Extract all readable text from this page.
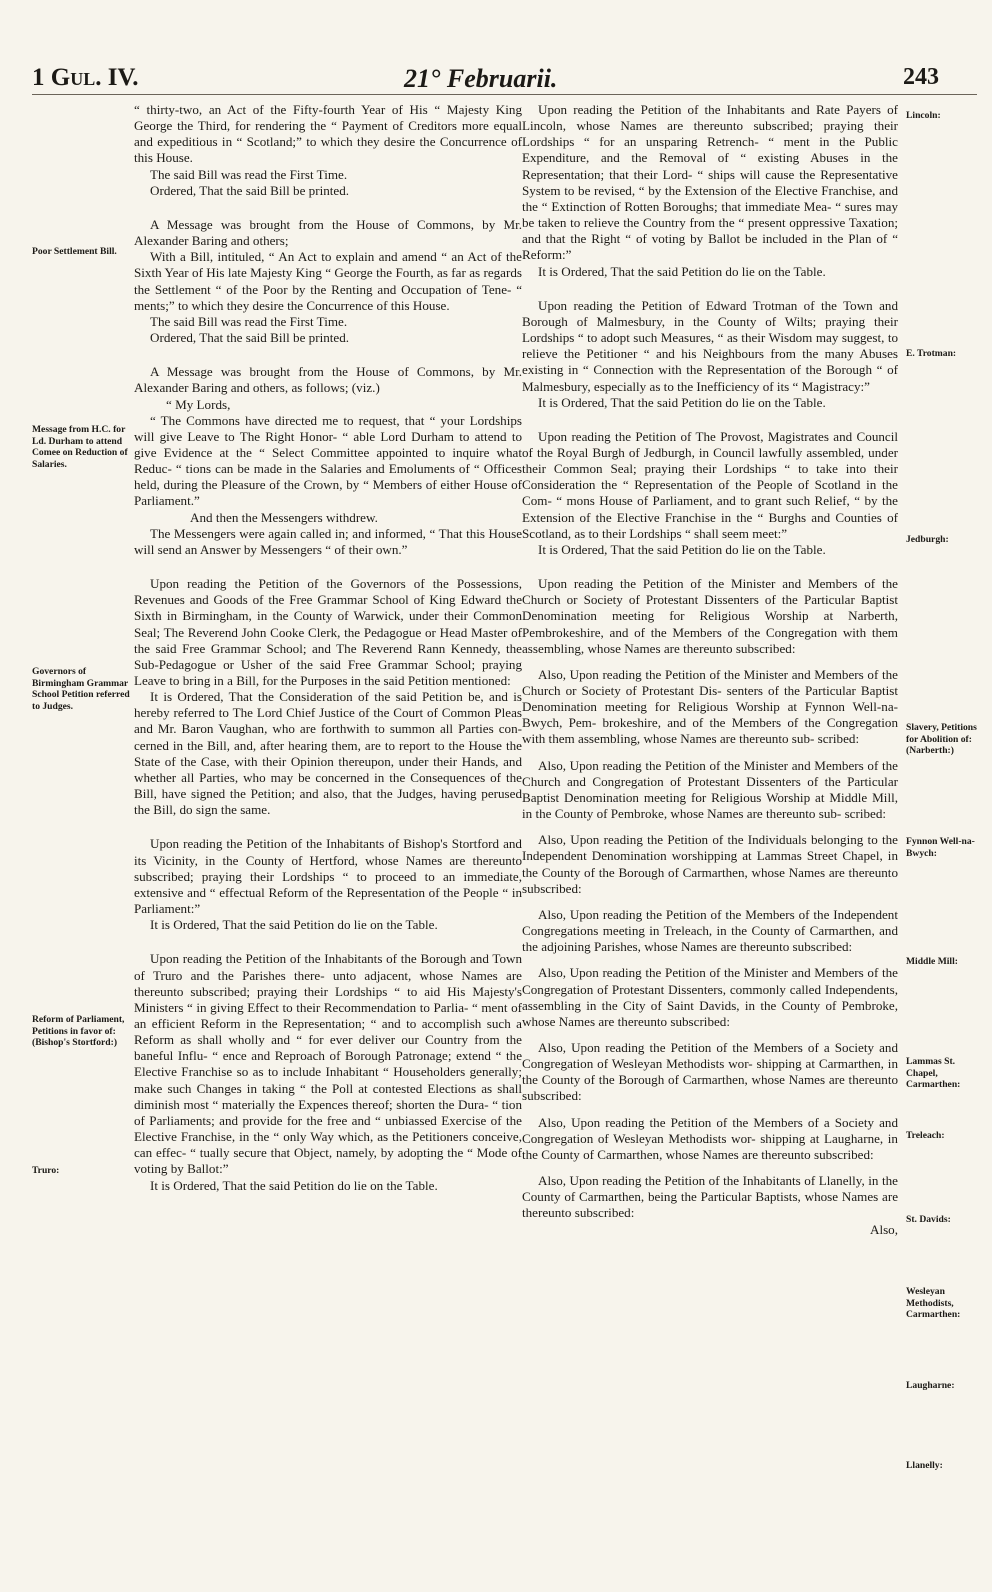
1 Gul. IV.	21° Februarii.	243
Poor Settlement Bill.
Message from H.C. for Ld. Durham to attend Comee on Reduction of Salaries.
Governors of Birmingham Grammar School Petition referred to Judges.
Reform of Parliament, Petitions in favor of: (Bishop's Stortford:)
Truro:
Lincoln:
E. Trotman:
Jedburgh:
Slavery, Petitions for Abolition of: (Narberth:)
Fynnon Well-na-Bwych:
Middle Mill:
Lammas St. Chapel, Carmarthen:
Treleach:
St. Davids:
Wesleyan Methodists, Carmarthen:
Laugharne:
Llanelly:

“ thirty-two, an Act of the Fifty-fourth Year of His “ Majesty King George the Third, for rendering the “ Payment of Creditors more equal and expeditious in “ Scotland;” to which they desire the Concurrence of this House.

The said Bill was read the First Time.

Ordered, That the said Bill be printed.

A Message was brought from the House of Commons, by Mr. Alexander Baring and others;

With a Bill, intituled, “ An Act to explain and amend “ an Act of the Sixth Year of His late Majesty King “ George the Fourth, as far as regards the Settlement “ of the Poor by the Renting and Occupation of Tene- “ ments;” to which they desire the Concurrence of this House.

The said Bill was read the First Time.

Ordered, That the said Bill be printed.

A Message was brought from the House of Commons, by Mr. Alexander Baring and others, as follows; (viz.)

“ My Lords,

“ The Commons have directed me to request, that “ your Lordships will give Leave to The Right Honor- “ able Lord Durham to attend to give Evidence at the “ Select Committee appointed to inquire what Reduc- “ tions can be made in the Salaries and Emoluments of “ Offices held, during the Pleasure of the Crown, by “ Members of either House of Parliament.”

And then the Messengers withdrew.

The Messengers were again called in; and informed, “ That this House will send an Answer by Messengers “ of their own.”

Upon reading the Petition of the Governors of the Possessions, Revenues and Goods of the Free Grammar School of King Edward the Sixth in Birmingham, in the County of Warwick, under their Common Seal; The Reverend John Cooke Clerk, the Pedagogue or Head Master of the said Free Grammar School; and The Reverend Rann Kennedy, the Sub-Pedagogue or Usher of the said Free Grammar School; praying Leave to bring in a Bill, for the Purposes in the said Petition mentioned:

It is Ordered, That the Consideration of the said Petition be, and is hereby referred to The Lord Chief Justice of the Court of Common Pleas and Mr. Baron Vaughan, who are forthwith to summon all Parties con- cerned in the Bill, and, after hearing them, are to report to the House the State of the Case, with their Opinion thereupon, under their Hands, and whether all Parties, who may be concerned in the Consequences of the Bill, have signed the Petition; and also, that the Judges, having perused the Bill, do sign the same.

Upon reading the Petition of the Inhabitants of Bishop's Stortford and its Vicinity, in the County of Hertford, whose Names are thereunto subscribed; praying their Lordships “ to proceed to an immediate, extensive and “ effectual Reform of the Representation of the People “ in Parliament:”

It is Ordered, That the said Petition do lie on the Table.

Upon reading the Petition of the Inhabitants of the Borough and Town of Truro and the Parishes there- unto adjacent, whose Names are thereunto subscribed; praying their Lordships “ to aid His Majesty's Ministers “ in giving Effect to their Recommendation to Parlia- “ ment of an efficient Reform in the Representation; “ and to accomplish such a Reform as shall wholly and “ for ever deliver our Country from the baneful Influ- “ ence and Reproach of Borough Patronage; extend “ the Elective Franchise so as to include Inhabitant “ Householders generally; make such Changes in taking “ the Poll at contested Elections as shall diminish most “ materially the Expences thereof; shorten the Dura- “ tion of Parliaments; and provide for the free and “ unbiassed Exercise of the Elective Franchise, in the “ only Way which, as the Petitioners conceive, can effec- “ tually secure that Object, namely, by adopting the “ Mode of voting by Ballot:”

It is Ordered, That the said Petition do lie on the Table.

Upon reading the Petition of the Inhabitants and Rate Payers of Lincoln, whose Names are thereunto subscribed; praying their Lordships “ for an unsparing Retrench- “ ment in the Public Expenditure, and the Removal of “ existing Abuses in the Representation; that their Lord- “ ships will cause the Representative System to be revised, “ by the Extension of the Elective Franchise, and the “ Extinction of Rotten Boroughs; that immediate Mea- “ sures may be taken to relieve the Country from the “ present oppressive Taxation; and that the Right “ of voting by Ballot be included in the Plan of “ Reform:”

It is Ordered, That the said Petition do lie on the Table.

Upon reading the Petition of Edward Trotman of the Town and Borough of Malmesbury, in the County of Wilts; praying their Lordships “ to adopt such Measures, “ as their Wisdom may suggest, to relieve the Petitioner “ and his Neighbours from the many Abuses existing in “ Connection with the Representation of the Borough “ of Malmesbury, especially as to the Inefficiency of its “ Magistracy:”

It is Ordered, That the said Petition do lie on the Table.

Upon reading the Petition of The Provost, Magistrates and Council of the Royal Burgh of Jedburgh, in Council lawfully assembled, under their Common Seal; praying their Lordships “ to take into their Consideration the “ Representation of the People of Scotland in the Com- “ mons House of Parliament, and to grant such Relief, “ by the Extension of the Elective Franchise in the “ Burghs and Counties of Scotland, as to their Lordships “ shall seem meet:”

It is Ordered, That the said Petition do lie on the Table.

Upon reading the Petition of the Minister and Members of the Church or Society of Protestant Dissenters of the Particular Baptist Denomination meeting for Religious Worship at Narberth, Pembrokeshire, and of the Members of the Congregation with them assembling, whose Names are thereunto subscribed:

Also, Upon reading the Petition of the Minister and Members of the Church or Society of Protestant Dis- senters of the Particular Baptist Denomination meeting for Religious Worship at Fynnon Well-na-Bwych, Pem- brokeshire, and of the Members of the Congregation with them assembling, whose Names are thereunto sub- scribed:

Also, Upon reading the Petition of the Minister and Members of the Church and Congregation of Protestant Dissenters of the Particular Baptist Denomination meeting for Religious Worship at Middle Mill, in the County of Pembroke, whose Names are thereunto sub- scribed:

Also, Upon reading the Petition of the Individuals belonging to the Independent Denomination worshipping at Lammas Street Chapel, in the County of the Borough of Carmarthen, whose Names are thereunto subscribed:

Also, Upon reading the Petition of the Members of the Independent Congregations meeting in Treleach, in the County of Carmarthen, and the adjoining Parishes, whose Names are thereunto subscribed:

Also, Upon reading the Petition of the Minister and Members of the Congregation of Protestant Dissenters, commonly called Independents, assembling in the City of Saint Davids, in the County of Pembroke, whose Names are thereunto subscribed:

Also, Upon reading the Petition of the Members of a Society and Congregation of Wesleyan Methodists wor- shipping at Carmarthen, in the County of the Borough of Carmarthen, whose Names are thereunto subscribed:

Also, Upon reading the Petition of the Members of a Society and Congregation of Wesleyan Methodists wor- shipping at Laugharne, in the County of Carmarthen, whose Names are thereunto subscribed:

Also, Upon reading the Petition of the Inhabitants of Llanelly, in the County of Carmarthen, being the Particular Baptists, whose Names are thereunto subscribed:

Also,
